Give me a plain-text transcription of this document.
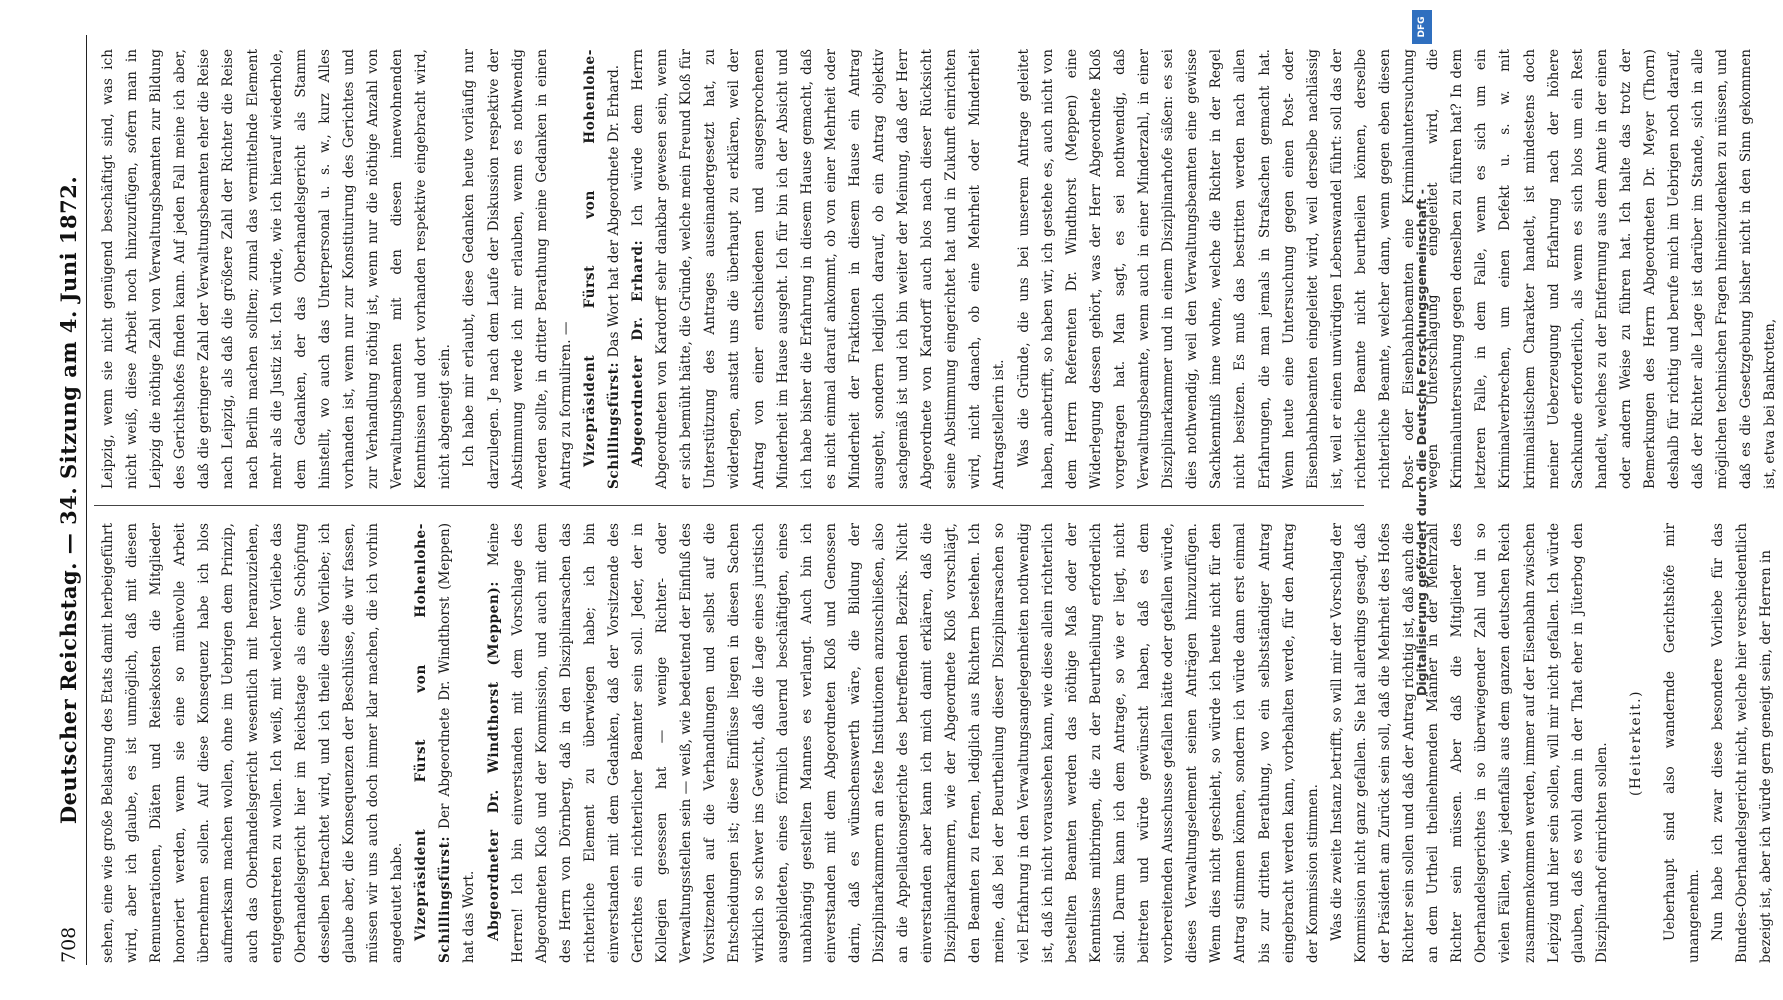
708
Deutscher Reichstag. — 34. Sitzung am 4. Juni 1872. sehen, eine wie große Belastung des Etats damit herbeigeführt wird, aber ich glaube, es ist unmöglich, daß mit diesen Remunerationen, Diäten und Reisekosten die Mitglieder honoriert werden, wenn sie eine so mühevolle Arbeit übernehmen sollen. Auf diese Konsequenz habe ich blos aufmerksam machen wollen, ohne im Uebrigen dem Prinzip, auch das Oberhandelsgericht wesentlich mit heranzuziehen, entgegentreten zu wollen. Ich weiß, mit welcher Vorliebe das Oberhandelsgericht hier im Reichstage als eine Schöpfung desselben betrachtet wird, und ich theile diese Vorliebe; ich glaube aber, die Konsequenzen der Beschlüsse, die wir fassen, müssen wir uns auch doch immer klar machen, die ich vorhin angedeutet habe. Vizepräsident Fürst von Hohenlohe-Schillingsfürst: Der Abgeordnete Dr. Windthorst (Meppen) hat das Wort. Abgeordneter Dr. Windthorst (Meppen): Meine Herren! Ich bin einverstanden mit dem Vorschlage des Abgeordneten Kloß und der Kommission, und auch mit dem des Herrn von Dörnberg, daß in den Disziplinarsachen das richterliche Element zu überwiegen habe; ich bin einverstanden mit dem Gedanken, daß der Vorsitzende des Gerichtes ein richterlicher Beamter sein soll. Jeder, der in Kollegien gesessen hat — wenige Richter- oder Verwaltungsstellen sein — weiß, wie bedeutend der Einfluß des Vorsitzenden auf die Verhandlungen und selbst auf die Entscheidungen ist; diese Einflüsse liegen in diesen Sachen wirklich so schwer ins Gewicht, daß die Lage eines juristisch ausgebildeten, eines förmlich dauernd beschäftigten, eines unabhängig gestellten Mannes es verlangt. Auch bin ich einverstanden mit dem Abgeordneten Kloß und Genossen darin, daß es wünschenswerth wäre, die Bildung der Disziplinarkammern an feste Institutionen anzuschließen, also an die Appellationsgerichte des betreffenden Bezirks. Nicht einverstanden aber kann ich mich damit erklären, daß die Disziplinarkammern, wie der Abgeordnete Kloß vorschlägt, den Beamten zu fernen, lediglich aus Richtern bestehen. Ich meine, daß bei der Beurtheilung dieser Disziplinarsachen so viel Erfahrung in den Verwaltungsangelegenheiten nothwendig ist, daß ich nicht voraussehen kann, wie diese allein richterlich bestellten Beamten werden das nöthige Maß oder der Kenntnisse mitbringen, die zu der Beurtheilung erforderlich sind. Darum kann ich dem Antrage, so wie er liegt, nicht beitreten und würde gewünscht haben, daß es dem vorbereitenden Ausschusse gefallen hätte oder gefallen würde, dieses Verwaltungselement seinen Anträgen hinzuzufügen. Wenn dies nicht geschieht, so würde ich heute nicht für den Antrag stimmen können, sondern ich würde dann erst einmal bis zur dritten Berathung, wo ein selbstständiger Antrag eingebracht werden kann, vorbehalten werde, für den Antrag der Kommission stimmen. Was die zweite Instanz betrifft, so will mir der Vorschlag der Kommission nicht ganz gefallen. Sie hat allerdings gesagt, daß der Präsident am Zurück sein soll, daß die Mehrheit des Hofes Richter sein sollen und daß der Antrag richtig ist, daß auch die an dem Urtheil theilnehmenden Männer in der Mehrzahl Richter sein müssen. Aber daß die Mitglieder des Oberhandelsgerichtes in so überwiegender Zahl und in so vielen Fällen, wie jedenfalls aus dem ganzen deutschen Reich zusammenkommen werden, immer auf der Eisenbahn zwischen Leipzig und hier sein sollen, will mir nicht gefallen. Ich würde glauben, daß es wohl dann in der That eher in Jüterbog den Disziplinarhof einrichten sollen.	(Heiterkeit.)	Ueberhaupt sind also wandernde Gerichtshöfe mir unangenehm. Nun habe ich zwar diese besondere Vorliebe für das Bundes-Oberhandelsgericht nicht, welche hier verschiedentlich bezeigt ist, aber ich würde gern geneigt sein, der Herren in

Leipzig, wenn sie nicht genügend beschäftigt sind, was ich nicht weiß, diese Arbeit noch hinzuzufügen, sofern man in Leipzig die nöthige Zahl von Verwaltungsbeamten zur Bildung des Gerichtshofes finden kann. Auf jeden Fall meine ich aber, daß die geringere Zahl der Verwaltungsbeamten eher die Reise nach Leipzig, als daß die größere Zahl der Richter die Reise nach Berlin machen sollten; zumal das vermittelnde Element mehr als die Justiz ist. Ich würde, wie ich hierauf wiederhole, dem Gedanken, der das Oberhandelsgericht als Stamm hinstellt, wo auch das Unterpersonal u. s. w., kurz Alles vorhanden ist, wenn nur zur Konstituirung des Gerichtes und zur Verhandlung nöthig ist, wenn nur die nöthige Anzahl von Verwaltungsbeamten mit den diesen innewohnenden Kenntnissen und dort vorhanden respektive eingebracht wird, nicht abgeneigt sein. Ich habe mir erlaubt, diese Gedanken heute vorläufig nur darzulegen. Je nach dem Laufe der Diskussion respektive der Abstimmung werde ich mir erlauben, wenn es nothwendig werden sollte, in dritter Berathung meine Gedanken in einen Antrag zu formuliren. — Vizepräsident Fürst von Hohenlohe-Schillingsfürst: Das Wort hat der Abgeordnete Dr. Erhard. Abgeordneter Dr. Erhard: Ich würde dem Herrn Abgeordneten von Kardorff sehr dankbar gewesen sein, wenn er sich bemüht hätte, die Gründe, welche mein Freund Kloß für Unterstützung des Antrages auseinandergesetzt hat, zu widerlegen, anstatt uns die überhaupt zu erklären, weil der Antrag von einer entschiedenen und ausgesprochenen Minderheit im Hause ausgeht. Ich für bin ich der Absicht und ich habe bisher die Erfahrung in diesem Hause gemacht, daß es nicht einmal darauf ankommt, ob von einer Mehrheit oder Minderheit der Fraktionen in diesem Hause ein Antrag ausgeht, sondern lediglich darauf, ob ein Antrag objektiv sachgemäß ist und ich bin weiter der Meinung, daß der Herr Abgeordnete von Kardorff auch blos nach dieser Rücksicht seine Abstimmung eingerichtet hat und in Zukunft einrichten wird, nicht danach, ob eine Mehrheit oder Minderheit Antragstellerin ist. Was die Gründe, die uns bei unserem Antrage geleitet haben, anbetrifft, so haben wir, ich gestehe es, auch nicht von dem Herrn Referenten Dr. Windthorst (Meppen) eine Widerlegung dessen gehört, was der Herr Abgeordnete Kloß vorgetragen hat. Man sagt, es sei nothwendig, daß Verwaltungsbeamte, wenn auch in einer Minderzahl, in einer Disziplinarkammer und in einem Disziplinarhofe säßen: es sei dies nothwendig, weil den Verwaltungsbeamten eine gewisse Sachkenntniß inne wohne, welche die Richter in der Regel nicht besitzen. Es muß das bestritten werden nach allen Erfahrungen, die man jemals in Strafsachen gemacht hat. Wenn heute eine Untersuchung gegen einen Post- oder Eisenbahnbeamten eingeleitet wird, weil derselbe nachlässig ist, weil er einen unwürdigen Lebenswandel führt: soll das der richterliche Beamte nicht beurtheilen können, derselbe richterliche Beamte, welcher dann, wenn gegen eben diesen Post- oder Eisenbahnbeamten eine Kriminaluntersuchung wegen Unterschlagung eingeleitet wird, die Kriminaluntersuchung gegen denselben zu führen hat? In dem letzteren Falle, in dem Falle, wenn es sich um ein Kriminalverbrechen, um einen Defekt u. s. w. mit kriminalistischem Charakter handelt, ist mindestens doch meiner Ueberzeugung und Erfahrung nach der höhere Sachkunde erforderlich, als wenn es sich blos um ein Rest handelt, welches zu der Entfernung aus dem Amte in der einen oder andern Weise zu führen hat. Ich halte das trotz der Bemerkungen des Herrn Abgeordneten Dr. Meyer (Thorn) deshalb für richtig und berufe mich im Uebrigen noch darauf, daß der Richter alle Lage ist darüber im Stande, sich in alle möglichen technischen Fragen hineinzudenken zu müssen, und daß es die Gesetzgebung bisher nicht in den Sinn gekommen ist, etwa bei Bankrotten,

DFG
Digitalisierung gefördert durch die Deutsche Forschungsgemeinschaft -
